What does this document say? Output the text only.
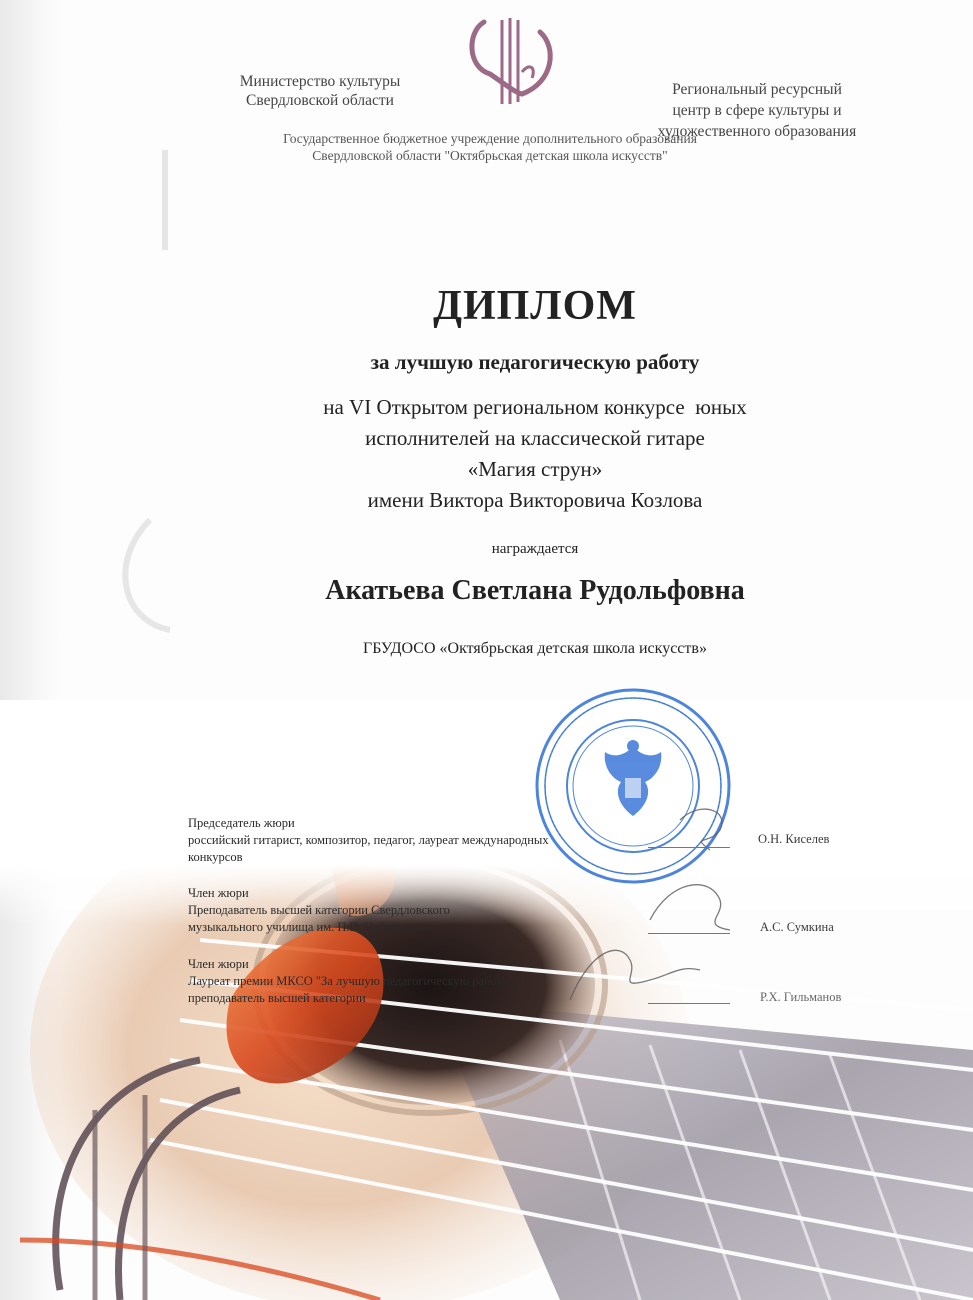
Министерство культуры
Свердловской области
Региональный ресурсный
центр в сфере культуры и
художественного образования
Государственное бюджетное учреждение дополнительного образования
Свердловской области "Октябрьская детская школа искусств"
ДИПЛОМ
за лучшую педагогическую работу
на VI Открытом региональном конкурсе  юных
исполнителей на классической гитаре
«Магия струн»
имени Виктора Викторовича Козлова
награждается
Акатьева Светлана Рудольфовна
ГБУДОСО «Октябрьская детская школа искусств»
Председатель жюри
российский гитарист, композитор, педагог, лауреат международных
конкурсов
О.Н. Киселев
Член жюри
Преподаватель высшей категории Свердловского
музыкального училища им. П.И. Чайковского	А.С. Сумкина
Член жюри
Лауреат премии МКСО "За лучшую педагогическую работу",
преподаватель высшей категории	Р.Х. Гильманов
